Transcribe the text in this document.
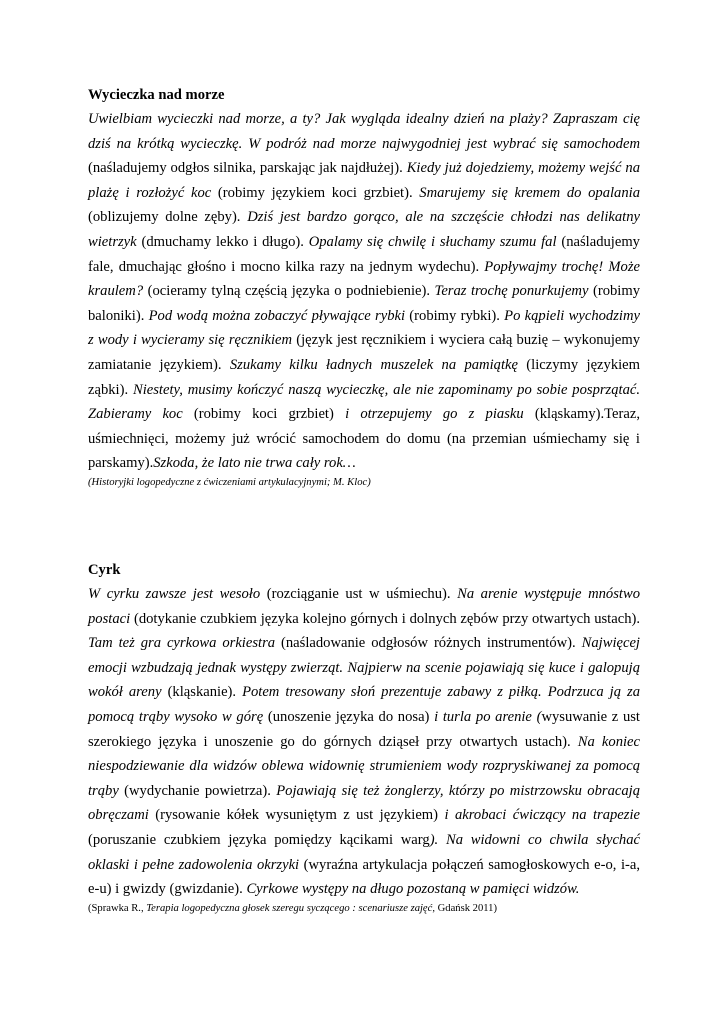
Wycieczka nad morze

Uwielbiam wycieczki nad morze, a ty? Jak wygląda idealny dzień na plaży? Zapraszam cię dziś na krótką wycieczkę. W podróż nad morze najwygodniej jest wybrać się samochodem (naśladujemy odgłos silnika, parskając jak najdłużej). Kiedy już dojedziemy, możemy wejść na plażę i rozłożyć koc (robimy językiem koci grzbiet). Smarujemy się kremem do opalania (oblizujemy dolne zęby). Dziś jest bardzo gorąco, ale na szczęście chłodzi nas delikatny wietrzyk (dmuchamy lekko i długo). Opalamy się chwilę i słuchamy szumu fal (naśladujemy fale, dmuchając głośno i mocno kilka razy na jednym wydechu). Popływajmy trochę! Może kraulem? (ocieramy tylną częścią języka o podniebienie). Teraz trochę ponurkujemy (robimy baloniki). Pod wodą można zobaczyć pływające rybki (robimy rybki). Po kąpieli wychodzimy z wody i wycieramy się ręcznikiem (język jest ręcznikiem i wyciera całą buzię – wykonujemy zamiatanie językiem). Szukamy kilku ładnych muszelek na pamiątkę (liczymy językiem ząbki). Niestety, musimy kończyć naszą wycieczkę, ale nie zapominamy po sobie posprzątać. Zabieramy koc (robimy koci grzbiet) i otrzepujemy go z piasku (kląskamy).Teraz, uśmiechnięci, możemy już wrócić samochodem do domu (na przemian uśmiechamy się i parskamy).Szkoda, że lato nie trwa cały rok…

(Historyjki logopedyczne z ćwiczeniami artykulacyjnymi; M. Kloc)

Cyrk

W cyrku zawsze jest wesoło (rozciąganie ust w uśmiechu). Na arenie występuje mnóstwo postaci (dotykanie czubkiem języka kolejno górnych i dolnych zębów przy otwartych ustach). Tam też gra cyrkowa orkiestra (naśladowanie odgłosów różnych instrumentów). Najwięcej emocji wzbudzają jednak występy zwierząt. Najpierw na scenie pojawiają się kuce i galopują wokół areny (kląskanie). Potem tresowany słoń prezentuje zabawy z piłką. Podrzuca ją za pomocą trąby wysoko w górę (unoszenie języka do nosa) i turla po arenie (wysuwanie z ust szerokiego języka i unoszenie go do górnych dziąseł przy otwartych ustach). Na koniec niespodziewanie dla widzów oblewa widownię strumieniem wody rozpryskiwanej za pomocą trąby (wydychanie powietrza). Pojawiają się też żonglerzy, którzy po mistrzowsku obracają obręczami (rysowanie kółek wysuniętym z ust językiem) i akrobaci ćwiczący na trapezie (poruszanie czubkiem języka pomiędzy kącikami warg). Na widowni co chwila słychać oklaski i pełne zadowolenia okrzyki (wyraźna artykulacja połączeń samogłoskowych e-o, i-a, e-u) i gwizdy (gwizdanie). Cyrkowe występy na długo pozostaną w pamięci widzów.

(Sprawka R., Terapia logopedyczna głosek szeregu syczącego : scenariusze zajęć, Gdańsk 2011)
